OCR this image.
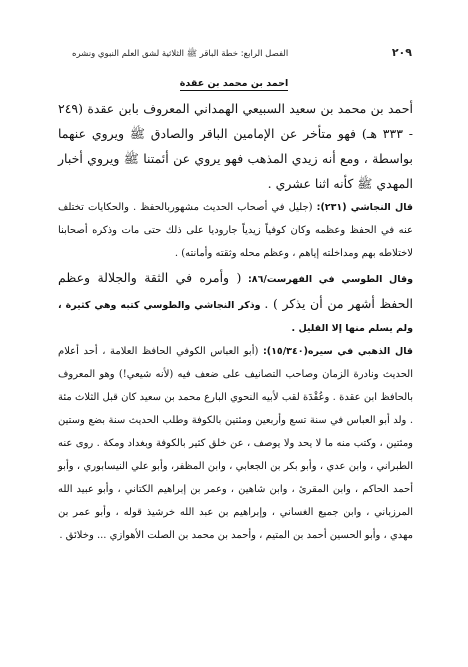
٢٠٩
الفصل الرابع: خطة الباقر ﷺ الثلاثية لشق العلم النبوي ونشره
احمد بن محمد بن عقدة

أحمد بن محمد بن سعيد السبيعي الهمداني المعروف بابن عقدة (٢٤٩ - ٣٣٣ هـ) فهو متأخر عن الإمامين الباقر والصادق ﷺ ويروي عنهما بواسطة ، ومع أنه زيدي المذهب فهو يروي عن أئمتنا ﷺ ويروي أخبار المهدي ﷺ كأنه اثنا عشري .

قال النجاشي (٢٣١): (جليل في أصحاب الحديث مشهوربالحفظ . والحكايات تختلف عنه في الحفظ وعظمه وكان كوفياً زيدياً جاروديا على ذلك حتى مات وذكره أصحابنا لاختلاطه بهم ومداخلته إياهم ، وعظم محله وثقته وأمانته) .

وقال الطوسي في الفهرست/٨٦: ( وأمره في الثقة والجلالة وعظم الحفظ أشهر من أن يذكر ) . وذكر النجاشي والطوسي كتبه وهي كثيرة ، ولم يسلم منها إلا القليل .

قال الذهبي في سيره(١٥/٣٤٠): (أبو العباس الكوفي الحافظ العلامة ، أحد أعلام الحديث ونادرة الزمان وصاحب التصانيف على ضعف فيه (لأنه شيعي!) وهو المعروف بالحافظ ابن عقدة . وعُقْدَة لقب لأبيه النحوي البارع محمد بن سعيد كان قبل الثلاث مئة . ولد أبو العباس في سنة تسع وأربعين ومئتين بالكوفة وطلب الحديث سنة بضع وستين ومئتين ، وكتب منه ما لا يحد ولا يوصف ، عن خلق كثير بالكوفة وبغداد ومكة . روى عنه الطبراني ، وابن عدي ، وأبو بكر بن الجعابي ، وابن المظفر، وأبو علي النيسابوري ، وأبو أحمد الحاكم ، وابن المقرئ ، وابن شاهين ، وعمر بن إبراهيم الكتاني ، وأبو عبيد الله المرزباني ، وابن جميع الغساني ، وإبراهيم بن عبد الله خرشيذ قوله ، وأبو عمر بن مهدي ، وأبو الحسين أحمد بن المتيم ، وأحمد بن محمد بن الصلت الأهوازي ... وخلائق .
